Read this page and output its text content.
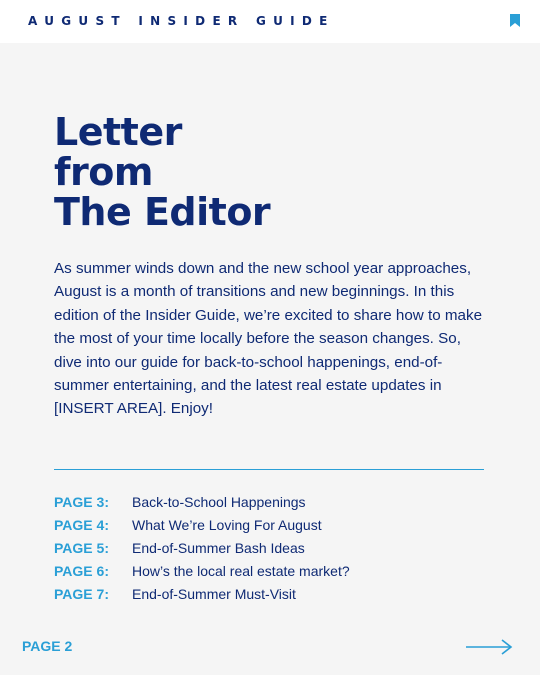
AUGUST INSIDER GUIDE
Letter
from
The Editor

As summer winds down and the new school year approaches, August is a month of transitions and new beginnings. In this edition of the Insider Guide, we’re excited to share how to make the most of your time locally before the season changes. So, dive into our guide for back-to-school happenings, end-of-summer entertaining, and the latest real estate updates in [INSERT AREA]. Enjoy!

PAGE 3:	Back-to-School Happenings
PAGE 4:	What We’re Loving For August
PAGE 5:	End-of-Summer Bash Ideas
PAGE 6:	How’s the local real estate market?
PAGE 7:	End-of-Summer Must-Visit
PAGE 2
